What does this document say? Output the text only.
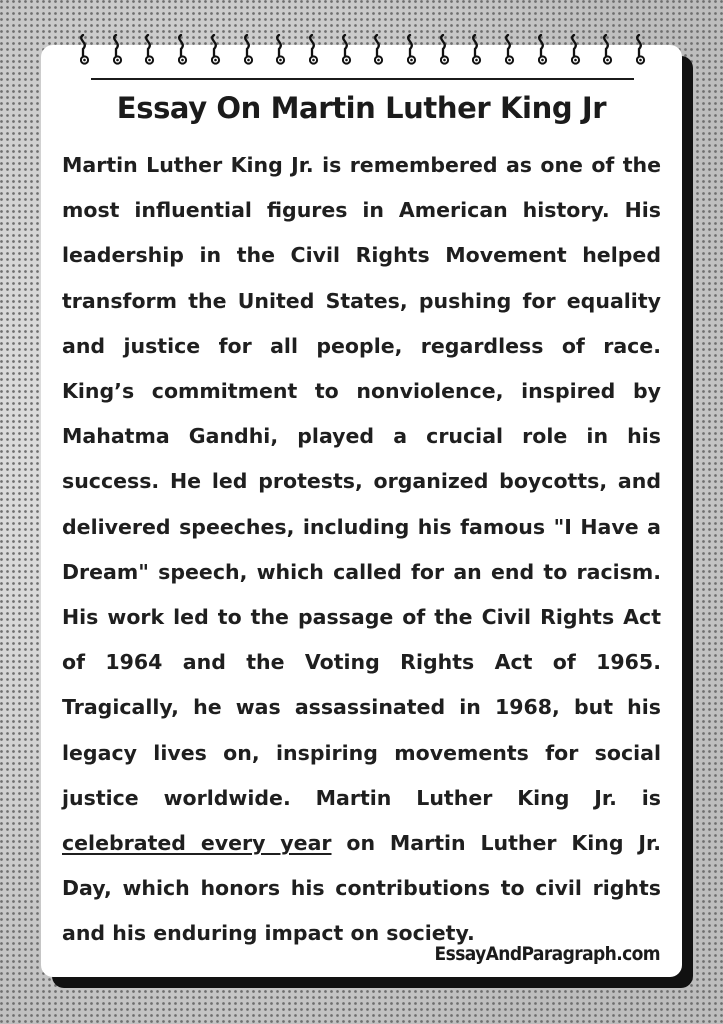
Essay On Martin Luther King Jr

Martin Luther King Jr. is remembered as one of the most influential figures in American history. His leadership in the Civil Rights Movement helped transform the United States, pushing for equality and justice for all people, regardless of race. King’s commitment to nonviolence, inspired by Mahatma Gandhi, played a crucial role in his success. He led protests, organized boycotts, and delivered speeches, including his famous "I Have a Dream" speech, which called for an end to racism. His work led to the passage of the Civil Rights Act of 1964 and the Voting Rights Act of 1965. Tragically, he was assassinated in 1968, but his legacy lives on, inspiring movements for social justice worldwide. Martin Luther King Jr. is celebrated every year on Martin Luther King Jr. Day, which honors his contributions to civil rights and his enduring impact on society.

EssayAndParagraph.com
